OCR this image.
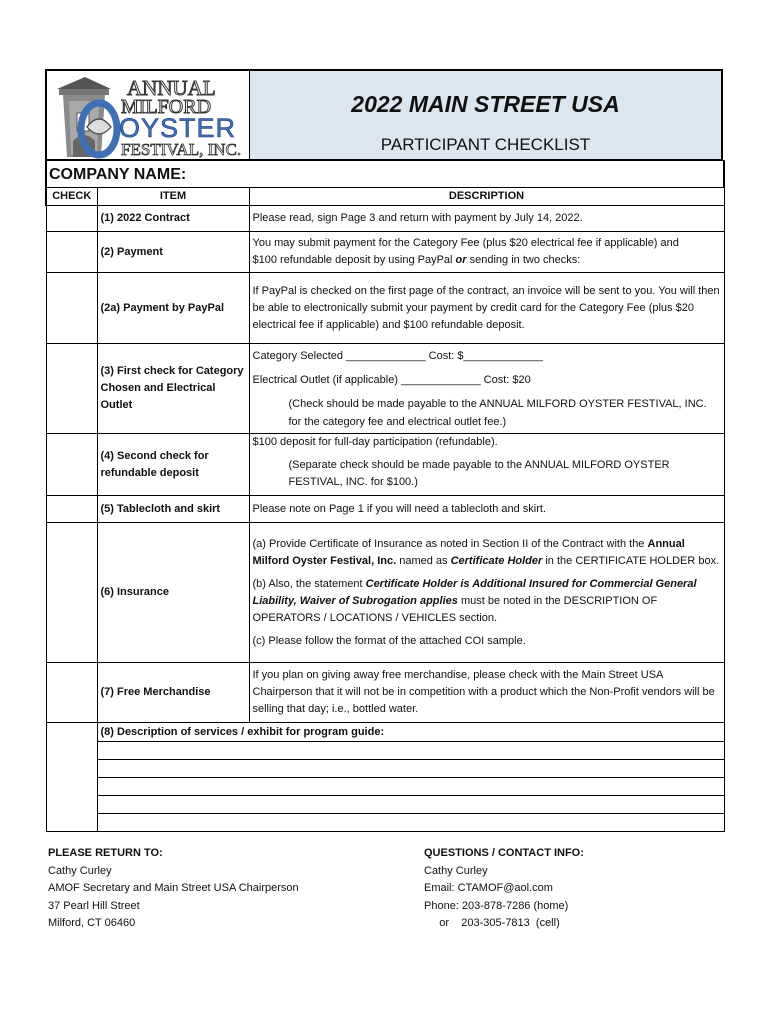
ANNUAL
MILFORD
OYSTER
FESTIVAL, INC.
2022 MAIN STREET USA
PARTICIPANT CHECKLIST
COMPANY NAME:		
CHECK	ITEM	DESCRIPTION
	(1) 2022 Contract	Please read, sign Page 3 and return with payment by July 14, 2022.
	(2) Payment	You may submit payment for the Category Fee (plus $20 electrical fee if applicable) and
$100 refundable deposit by using PayPal or sending in two checks:
	(2a) Payment by PayPal	If PayPal is checked on the first page of the contract, an invoice will be sent to you. You will then be able to electronically submit your payment by credit card for the Category Fee (plus $20 electrical fee if applicable) and $100 refundable deposit.
	(3) First check for Category Chosen and Electrical Outlet	Category Selected _____________ Cost: $_____________
Electrical Outlet (if applicable) _____________ Cost: $20
(Check should be made payable to the ANNUAL MILFORD OYSTER FESTIVAL, INC. for the category fee and electrical outlet fee.)

	(4) Second check for refundable deposit	$100 deposit for full-day participation (refundable).
(Separate check should be made payable to the ANNUAL MILFORD OYSTER FESTIVAL, INC. for $100.)

	(5) Tablecloth and skirt	Please note on Page 1 if you will need a tablecloth and skirt.
	(6) Insurance	(a) Provide Certificate of Insurance as noted in Section II of the Contract with the Annual Milford Oyster Festival, Inc. named as Certificate Holder in the CERTIFICATE HOLDER box.
(b) Also, the statement Certificate Holder is Additional Insured for Commercial General Liability, Waiver of Subrogation applies must be noted in the DESCRIPTION OF OPERATORS / LOCATIONS / VEHICLES section.
(c) Please follow the format of the attached COI sample.

	(7) Free Merchandise	If you plan on giving away free merchandise, please check with the Main Street USA Chairperson that it will not be in competition with a product which the Non-Profit vendors will be selling that day; i.e., bottled water.
	(8) Description of services / exhibit for program guide:	

PLEASE RETURN TO:
Cathy Curley
AMOF Secretary and Main Street USA Chairperson
37 Pearl Hill Street
Milford, CT 06460
QUESTIONS / CONTACT INFO:
Cathy Curley
Email: CTAMOF@aol.com
Phone: 203-878-7286 (home)
or    203-305-7813  (cell)
